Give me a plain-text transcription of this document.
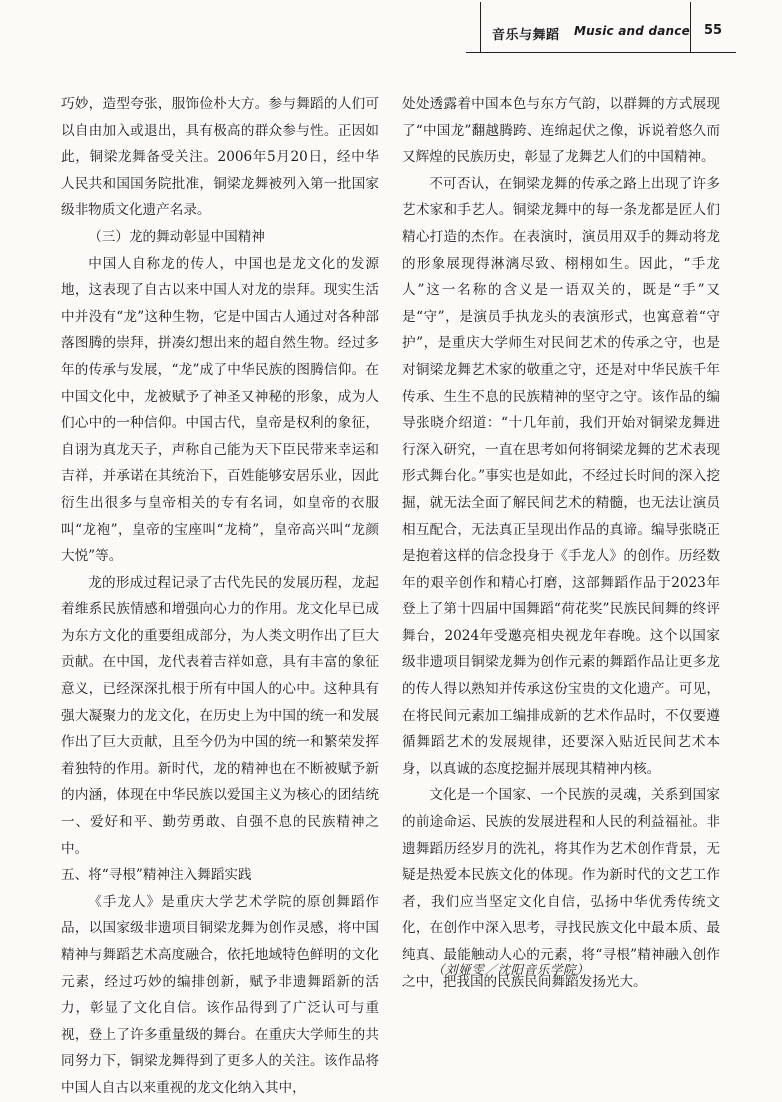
音乐与舞蹈 Music and dance 55

巧妙，造型夸张，服饰俭朴大方。参与舞蹈的人们可以自由加入或退出，具有极高的群众参与性。正因如此，铜梁龙舞备受关注。2006年5月20日，经中华人民共和国国务院批准，铜梁龙舞被列入第一批国家级非物质文化遗产名录。

（三）龙的舞动彰显中国精神

中国人自称龙的传人，中国也是龙文化的发源地，这表现了自古以来中国人对龙的崇拜。现实生活中并没有“龙”这种生物，它是中国古人通过对各种部落图腾的崇拜，拼凑幻想出来的超自然生物。经过多年的传承与发展，“龙”成了中华民族的图腾信仰。在中国文化中，龙被赋予了神圣又神秘的形象，成为人们心中的一种信仰。中国古代，皇帝是权利的象征，自诩为真龙天子，声称自己能为天下臣民带来幸运和吉祥，并承诺在其统治下，百姓能够安居乐业，因此衍生出很多与皇帝相关的专有名词，如皇帝的衣服叫“龙袍”，皇帝的宝座叫“龙椅”，皇帝高兴叫“龙颜大悦”等。

龙的形成过程记录了古代先民的发展历程，龙起着维系民族情感和增强向心力的作用。龙文化早已成为东方文化的重要组成部分，为人类文明作出了巨大贡献。在中国，龙代表着吉祥如意，具有丰富的象征意义，已经深深扎根于所有中国人的心中。这种具有强大凝聚力的龙文化，在历史上为中国的统一和发展作出了巨大贡献，且至今仍为中国的统一和繁荣发挥着独特的作用。新时代，龙的精神也在不断被赋予新的内涵，体现在中华民族以爱国主义为核心的团结统一、爱好和平、勤劳勇敢、自强不息的民族精神之中。

五、将“寻根”精神注入舞蹈实践

《手龙人》是重庆大学艺术学院的原创舞蹈作品，以国家级非遗项目铜梁龙舞为创作灵感，将中国精神与舞蹈艺术高度融合，依托地域特色鲜明的文化元素，经过巧妙的编排创新，赋予非遗舞蹈新的活力，彰显了文化自信。该作品得到了广泛认可与重视，登上了许多重量级的舞台。在重庆大学师生的共同努力下，铜梁龙舞得到了更多人的关注。该作品将中国人自古以来重视的龙文化纳入其中，

处处透露着中国本色与东方气韵，以群舞的方式展现了“中国龙”翻越腾跨、连绵起伏之像，诉说着悠久而又辉煌的民族历史，彰显了龙舞艺人们的中国精神。

不可否认，在铜梁龙舞的传承之路上出现了许多艺术家和手艺人。铜梁龙舞中的每一条龙都是匠人们精心打造的杰作。在表演时，演员用双手的舞动将龙的形象展现得淋漓尽致、栩栩如生。因此，“手龙人”这一名称的含义是一语双关的，既是“手”又是“守”，是演员手执龙头的表演形式，也寓意着“守护”，是重庆大学师生对民间艺术的传承之守，也是对铜梁龙舞艺术家的敬重之守，还是对中华民族千年传承、生生不息的民族精神的坚守之守。该作品的编导张晓介绍道：“十几年前，我们开始对铜梁龙舞进行深入研究，一直在思考如何将铜梁龙舞的艺术表现形式舞台化。”事实也是如此，不经过长时间的深入挖掘，就无法全面了解民间艺术的精髓，也无法让演员相互配合，无法真正呈现出作品的真谛。编导张晓正是抱着这样的信念投身于《手龙人》的创作。历经数年的艰辛创作和精心打磨，这部舞蹈作品于2023年登上了第十四届中国舞蹈“荷花奖”民族民间舞的终评舞台，2024年受邀亮相央视龙年春晚。这个以国家级非遗项目铜梁龙舞为创作元素的舞蹈作品让更多龙的传人得以熟知并传承这份宝贵的文化遗产。可见，在将民间元素加工编排成新的艺术作品时，不仅要遵循舞蹈艺术的发展规律，还要深入贴近民间艺术本身，以真诚的态度挖掘并展现其精神内核。

文化是一个国家、一个民族的灵魂，关系到国家的前途命运、民族的发展进程和人民的利益福祉。非遗舞蹈历经岁月的洗礼，将其作为艺术创作背景，无疑是热爱本民族文化的体现。作为新时代的文艺工作者，我们应当坚定文化自信，弘扬中华优秀传统文化，在创作中深入思考，寻找民族文化中最本质、最纯真、最能触动人心的元素，将“寻根”精神融入创作之中，把我国的民族民间舞蹈发扬光大。

（刘娅雯／沈阳音乐学院）
